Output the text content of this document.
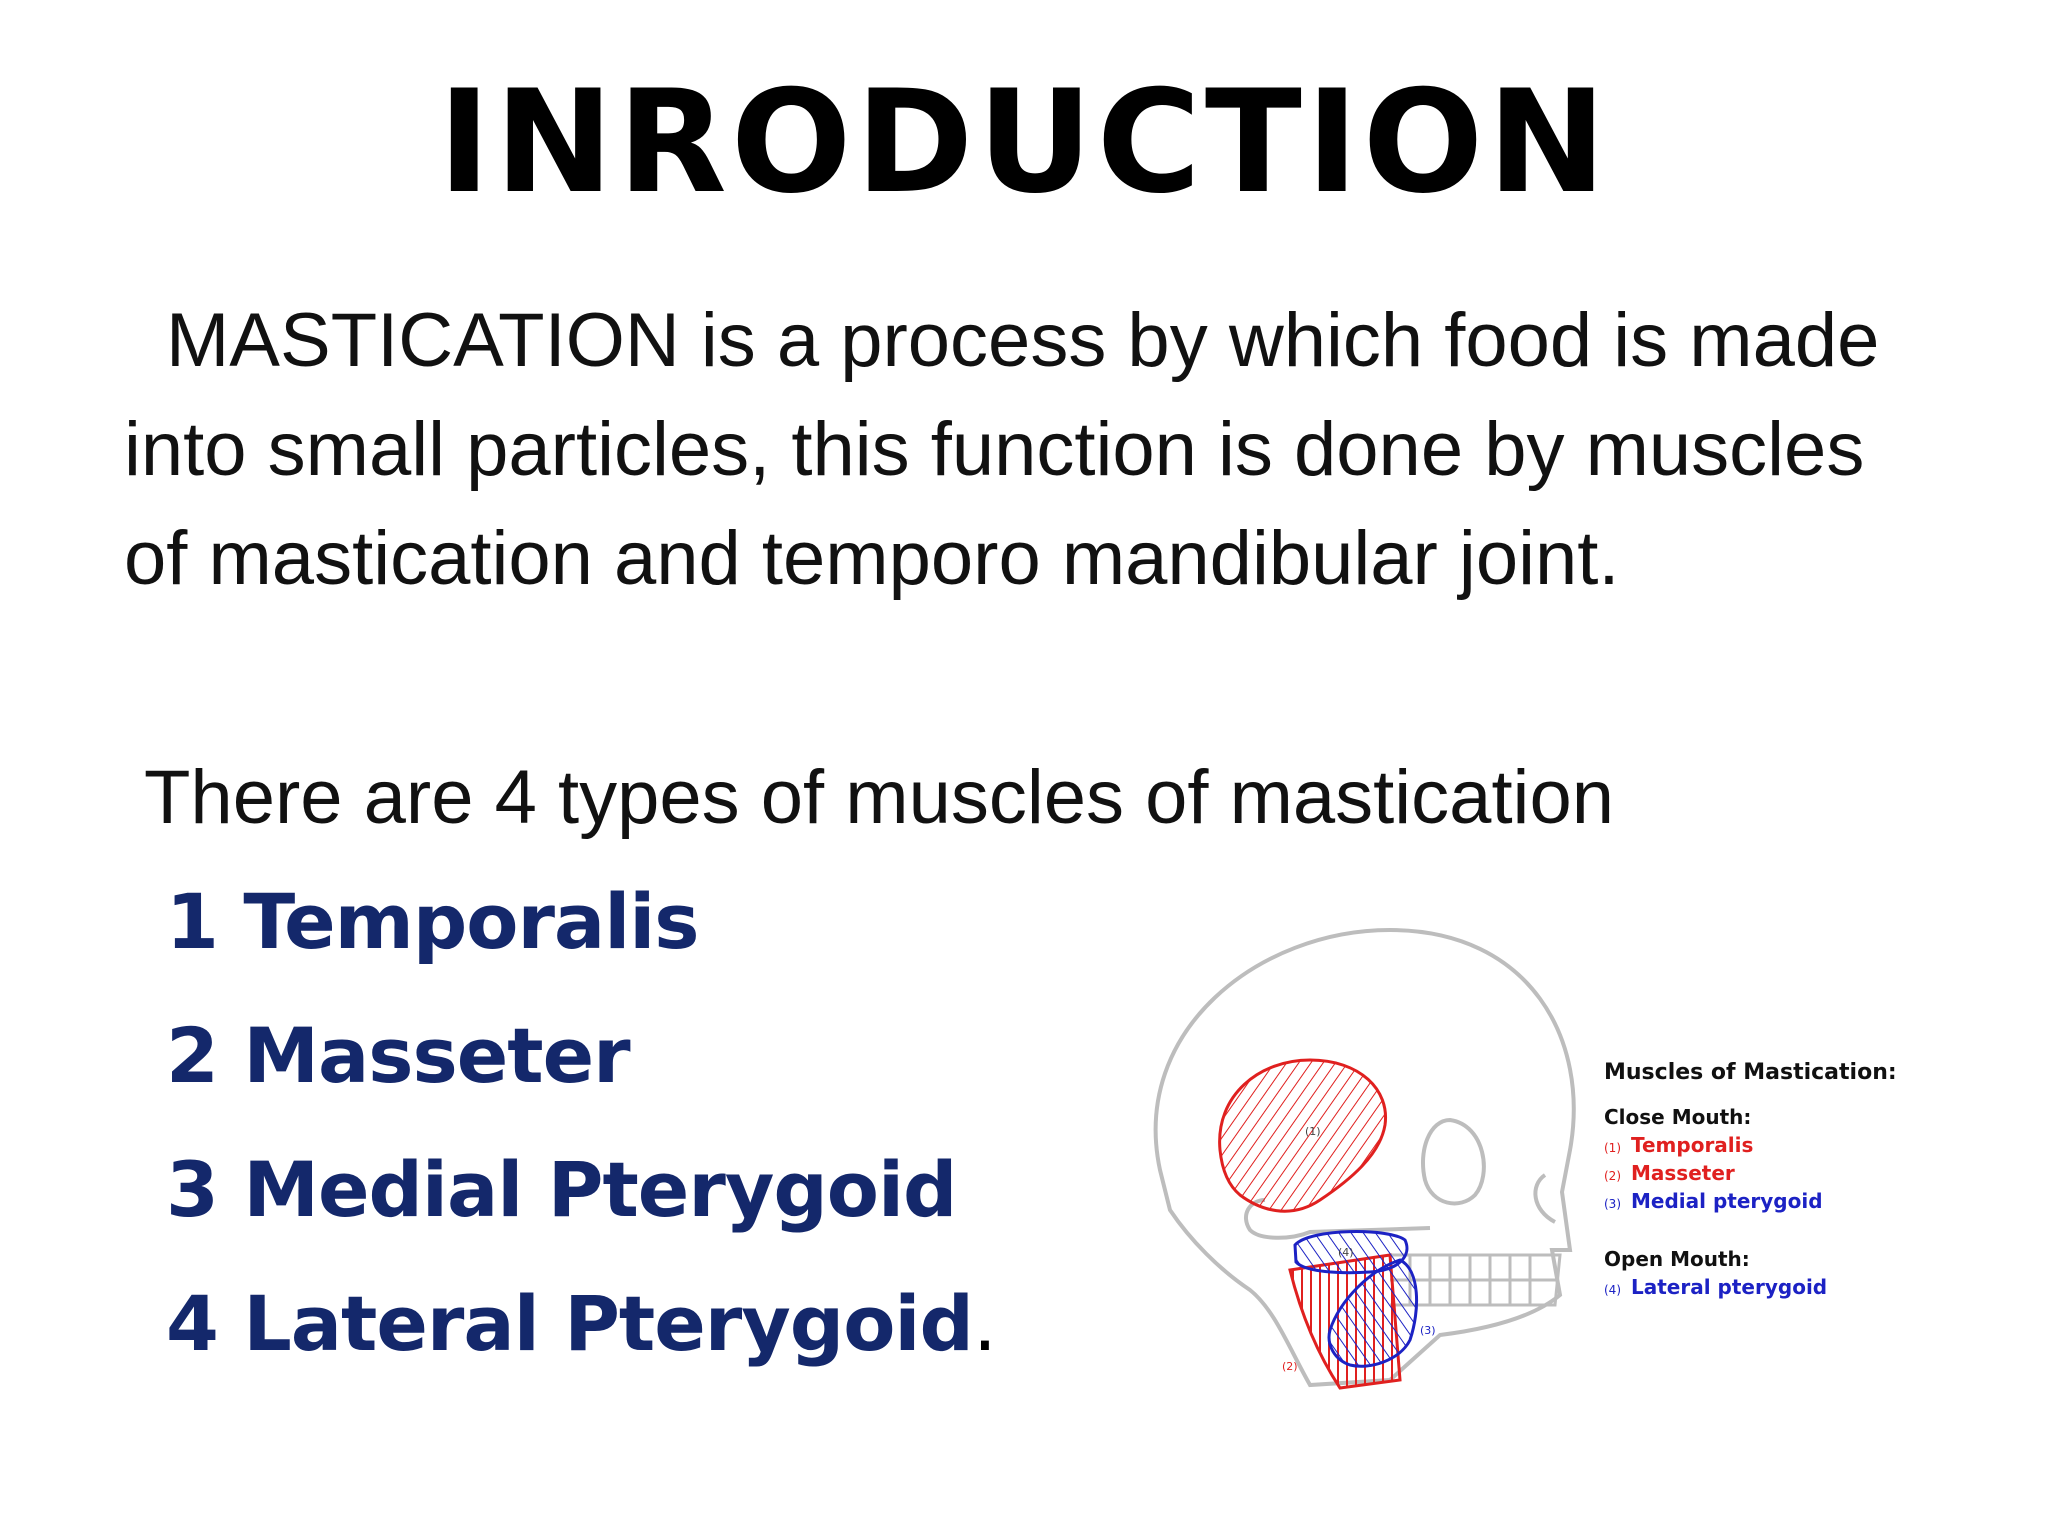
INRODUCTION

MASTICATION is a process by which food is made into small particles, this function is done by muscles of mastication and temporo mandibular joint.

There are 4 types of muscles of mastication
1 Temporalis
2 Masseter
3 Medial Pterygoid
4 Lateral Pterygoid.
(1)
(4)
(3)
(2)
Muscles of Mastication:
Close Mouth:
(1) Temporalis
(2) Masseter
(3) Medial pterygoid
Open Mouth:
(4) Lateral pterygoid
